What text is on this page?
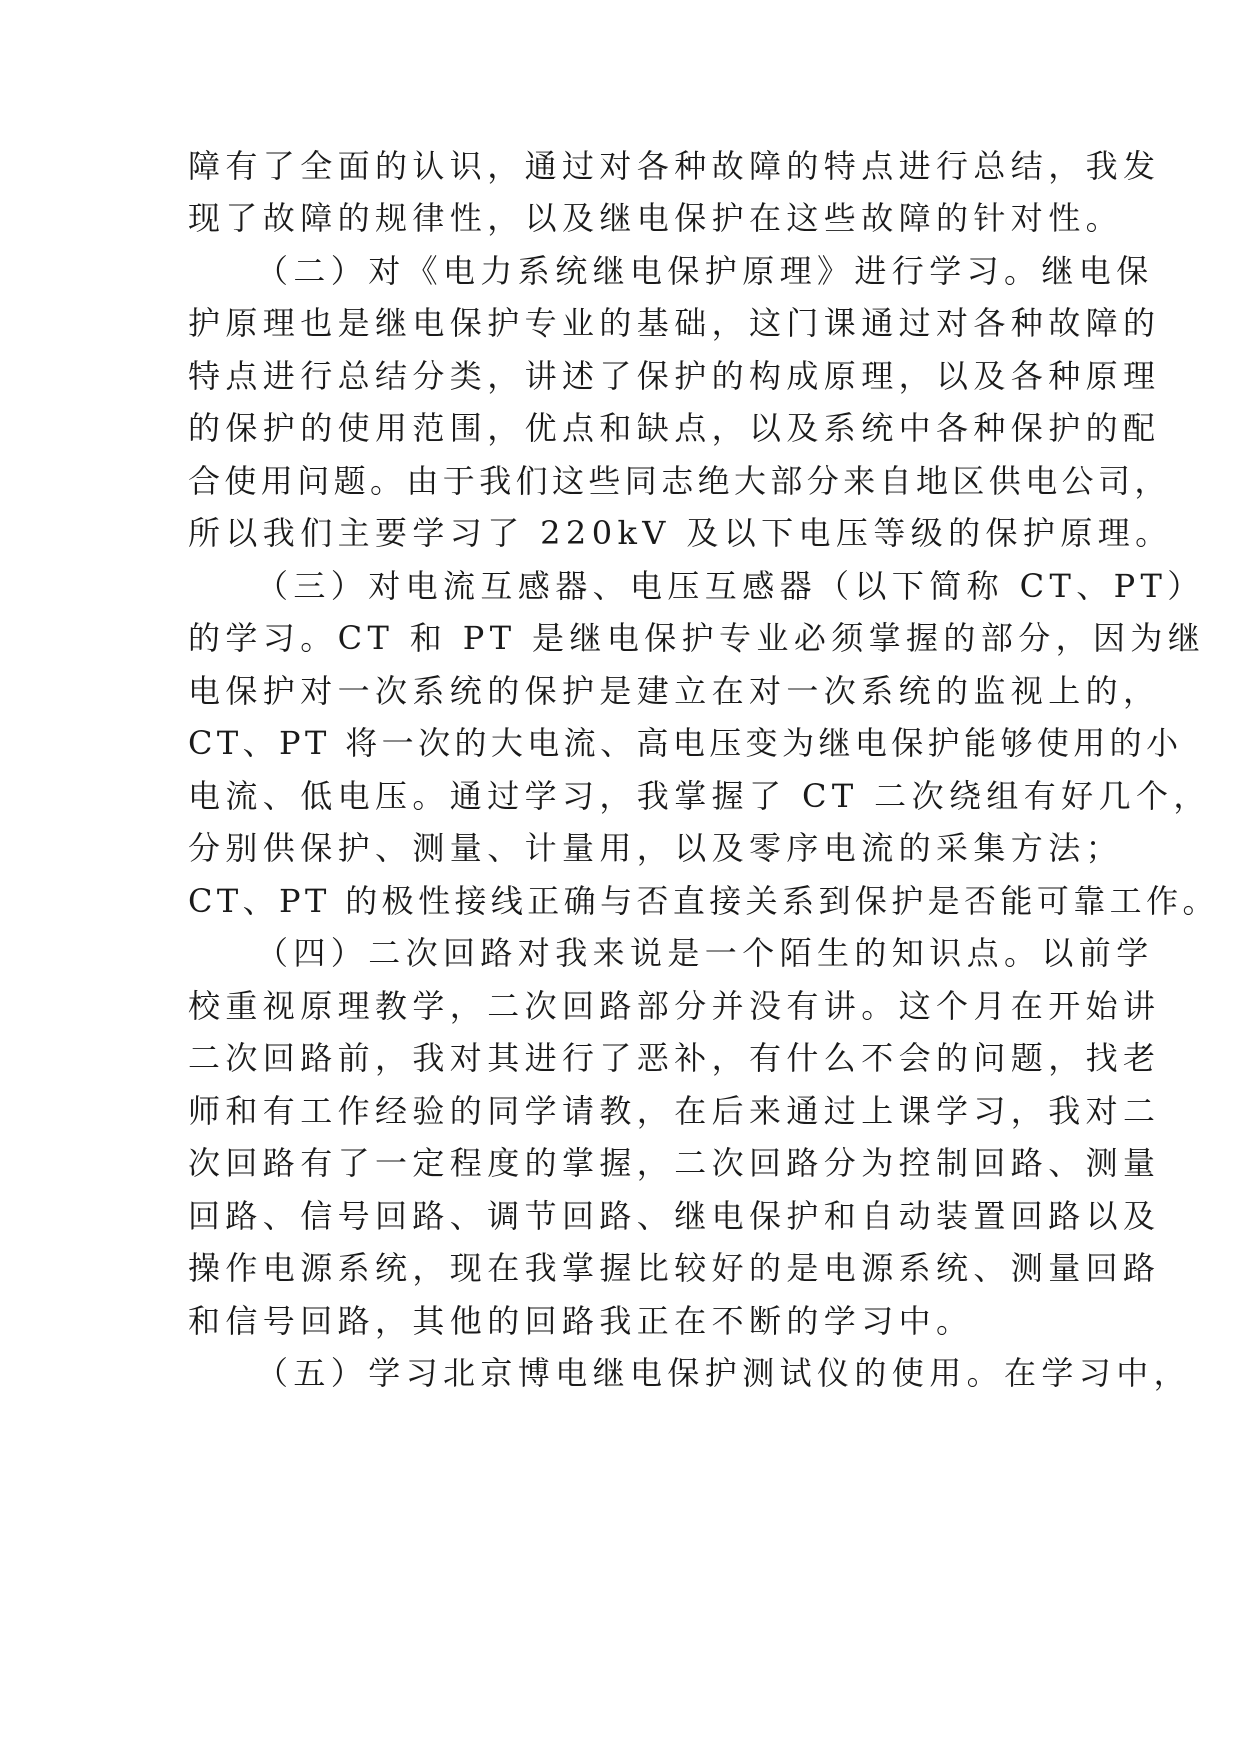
障有了全面的认识，通过对各种故障的特点进行总结，我发
现了故障的规律性，以及继电保护在这些故障的针对性。
（二）对《电力系统继电保护原理》进行学习。继电保
护原理也是继电保护专业的基础，这门课通过对各种故障的
特点进行总结分类，讲述了保护的构成原理，以及各种原理
的保护的使用范围，优点和缺点，以及系统中各种保护的配
合使用问题。由于我们这些同志绝大部分来自地区供电公司，
所以我们主要学习了 220kV 及以下电压等级的保护原理。
（三）对电流互感器、电压互感器（以下简称 CT、PT）
的学习。CT 和 PT 是继电保护专业必须掌握的部分，因为继
电保护对一次系统的保护是建立在对一次系统的监视上的，
CT、PT 将一次的大电流、高电压变为继电保护能够使用的小
电流、低电压。通过学习，我掌握了 CT 二次绕组有好几个，
分别供保护、测量、计量用，以及零序电流的采集方法；
CT、PT 的极性接线正确与否直接关系到保护是否能可靠工作。
（四）二次回路对我来说是一个陌生的知识点。以前学
校重视原理教学，二次回路部分并没有讲。这个月在开始讲
二次回路前，我对其进行了恶补，有什么不会的问题，找老
师和有工作经验的同学请教，在后来通过上课学习，我对二
次回路有了一定程度的掌握，二次回路分为控制回路、测量
回路、信号回路、调节回路、继电保护和自动装置回路以及
操作电源系统，现在我掌握比较好的是电源系统、测量回路
和信号回路，其他的回路我正在不断的学习中。
（五）学习北京博电继电保护测试仪的使用。在学习中，
